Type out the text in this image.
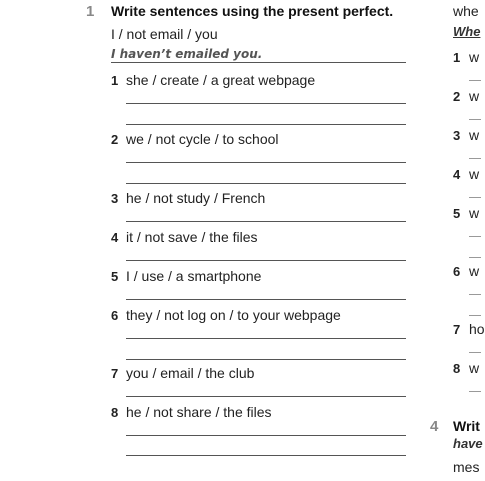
1 Write sentences using the present perfect.
I / not email / you
I haven’t emailed you.
1 she / create / a great webpage
2 we / not cycle / to school
3 he / not study / French
4 it / not save / the files
5 I / use / a smartphone
6 they / not log on / to your webpage
7 you / email / the club
8 he / not share / the files
whe
Whe
1 w
2 w
3 w
4 w
5 w
6 w
7 ho
8 w
4 Writ
have
mes
